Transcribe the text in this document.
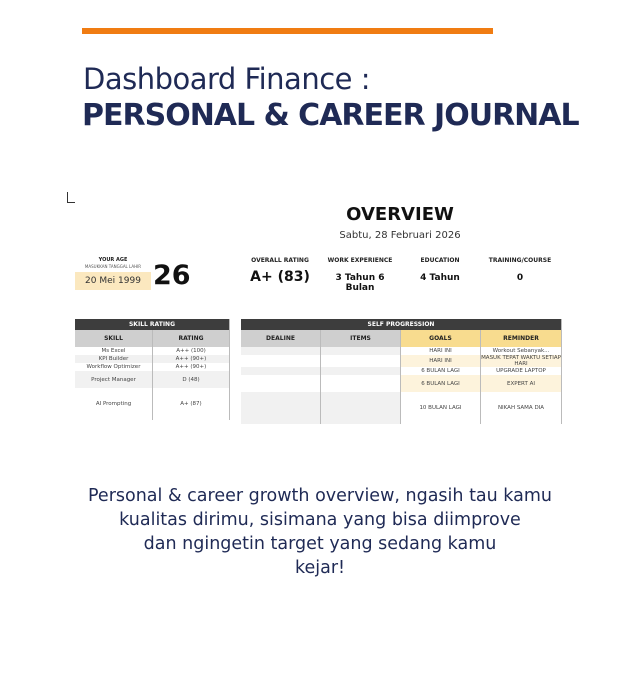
Dashboard Finance :
PERSONAL & CAREER JOURNAL
OVERVIEW
Sabtu, 28 Februari 2026
YOUR AGE
MASUKKAN TANGGAL LAHIR
20 Mei 1999 26	OVERALL RATING
A+ (83)
WORK EXPERIENCE
3 Tahun 6 Bulan
EDUCATION
4 Tahun
TRAINING/COURSE
0
SKILL RATING	
SKILL	RATING
Ms Excel	A++ (100)
KPI Builder	A++ (90+)
Workflow Optimizer	A++ (90+)
Project Manager	D (48)
AI Prompting	A+ (87)
SELF PROGRESSION			
DEALINE	ITEMS	GOALS	REMINDER
		HARI INI	Workout Sebanyak...
		HARI INI	MASUK TEPAT WAKTU SETIAP HARI
		6 BULAN LAGI	UPGRADE LAPTOP
		6 BULAN LAGI	EXPERT AI
		10 BULAN LAGI	NIKAH SAMA DIA
Personal & career growth overview, ngasih tau kamu
kualitas dirimu, sisimana yang bisa diimprove
dan ngingetin target yang sedang kamu
kejar!
